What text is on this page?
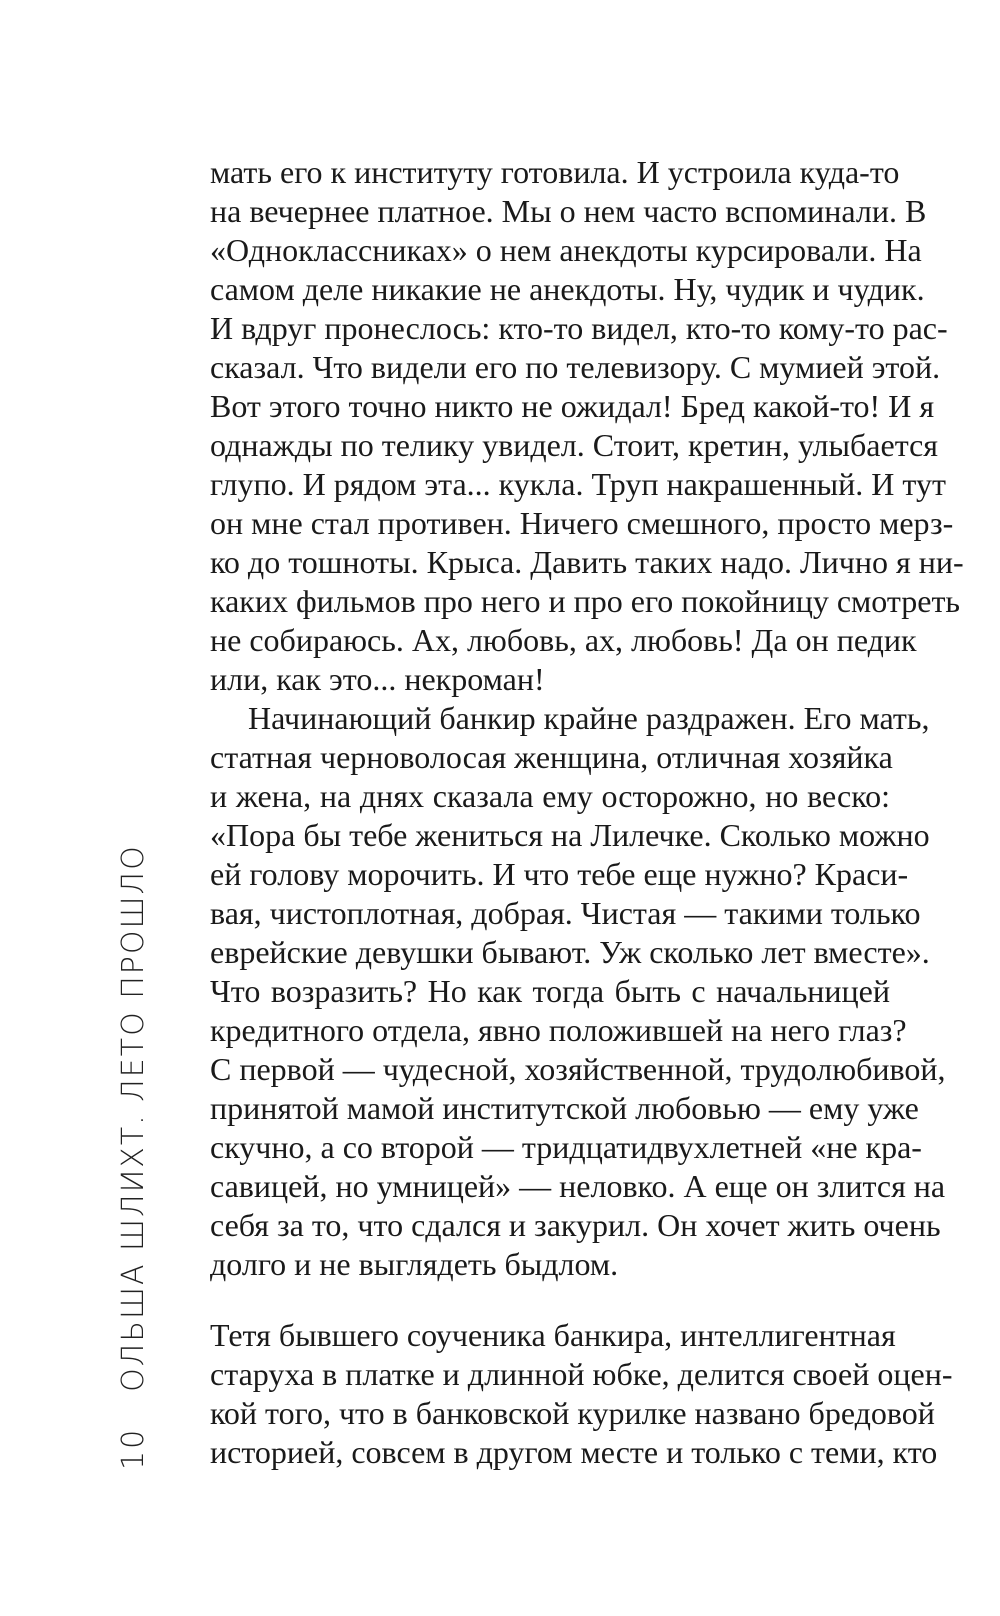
10ОЛЬША ШЛИХТ. ЛЕТО ПРОШЛО
мать его к институту готовила. И устроила куда-то
на вечернее платное. Мы о нем часто вспоминали. В
«Одноклассниках» о нем анекдоты курсировали. На
самом деле никакие не анекдоты. Ну, чудик и чудик.
И вдруг пронеслось: кто-то видел, кто-то кому-то рас-
сказал. Что видели его по телевизору. С мумией этой.
Вот этого точно никто не ожидал! Бред какой-то! И я
однажды по телику увидел. Стоит, кретин, улыбается
глупо. И рядом эта... кукла. Труп накрашенный. И тут
он мне стал противен. Ничего смешного, просто мерз-
ко до тошноты. Крыса. Давить таких надо. Лично я ни-
каких фильмов про него и про его покойницу смотреть
не собираюсь. Ах, любовь, ах, любовь! Да он педик
или, как это... некроман!
Начинающий банкир крайне раздражен. Его мать,
статная черноволосая женщина, отличная хозяйка
и жена, на днях сказала ему осторожно, но веско:
«Пора бы тебе жениться на Лилечке. Сколько можно
ей голову морочить. И что тебе еще нужно? Краси-
вая, чистоплотная, добрая. Чистая — такими только
еврейские девушки бывают. Уж сколько лет вместе».
Что возразить? Но как тогда быть с начальницей
кредитного отдела, явно положившей на него глаз?
С первой — чудесной, хозяйственной, трудолюбивой,
принятой мамой институтской любовью — ему уже
скучно, а со второй — тридцатидвухлетней «не кра-
савицей, но умницей» — неловко. А еще он злится на
себя за то, что сдался и закурил. Он хочет жить очень
долго и не выглядеть быдлом.
Тетя бывшего соученика банкира, интеллигентная
старуха в платке и длинной юбке, делится своей оцен-
кой того, что в банковской курилке названо бредовой
историей, совсем в другом месте и только с теми, кто
